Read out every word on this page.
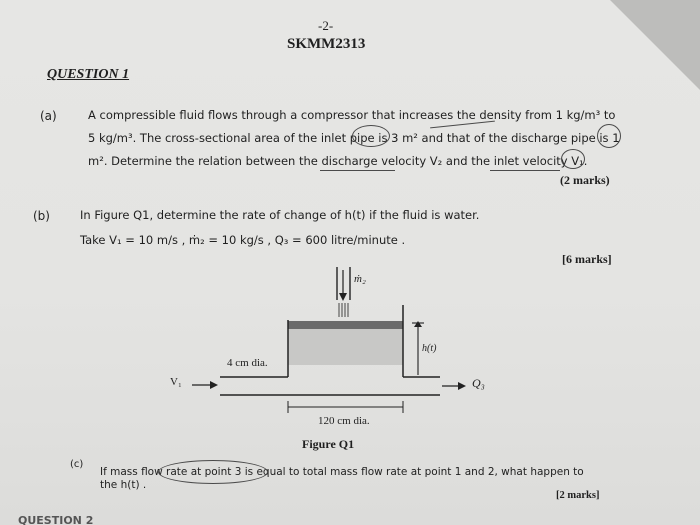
-2-
SKMM2313
QUESTION 1
(a)	A compressible fluid flows through a compressor that increases the density from 1 kg/m³ to
5 kg/m³. The cross-sectional area of the inlet pipe is 3 m² and that of the discharge pipe is 1
m². Determine the relation between the discharge velocity V₂ and the inlet velocity V₁.
(2 marks)
(b)	In Figure Q1, determine the rate of change of h(t) if the fluid is water.
Take V₁ = 10 m/s , ṁ₂ = 10 kg/s , Q₃ = 600 litre/minute .
[6 marks]
ṁ₂
4 cm dia.
V₁
h(t)
Q₃
120 cm dia.
Figure Q1
(c)
If mass flow rate at point 3 is equal to total mass flow rate at point 1 and 2, what happen to
the h(t) .
[2 marks]
QUESTION 2
